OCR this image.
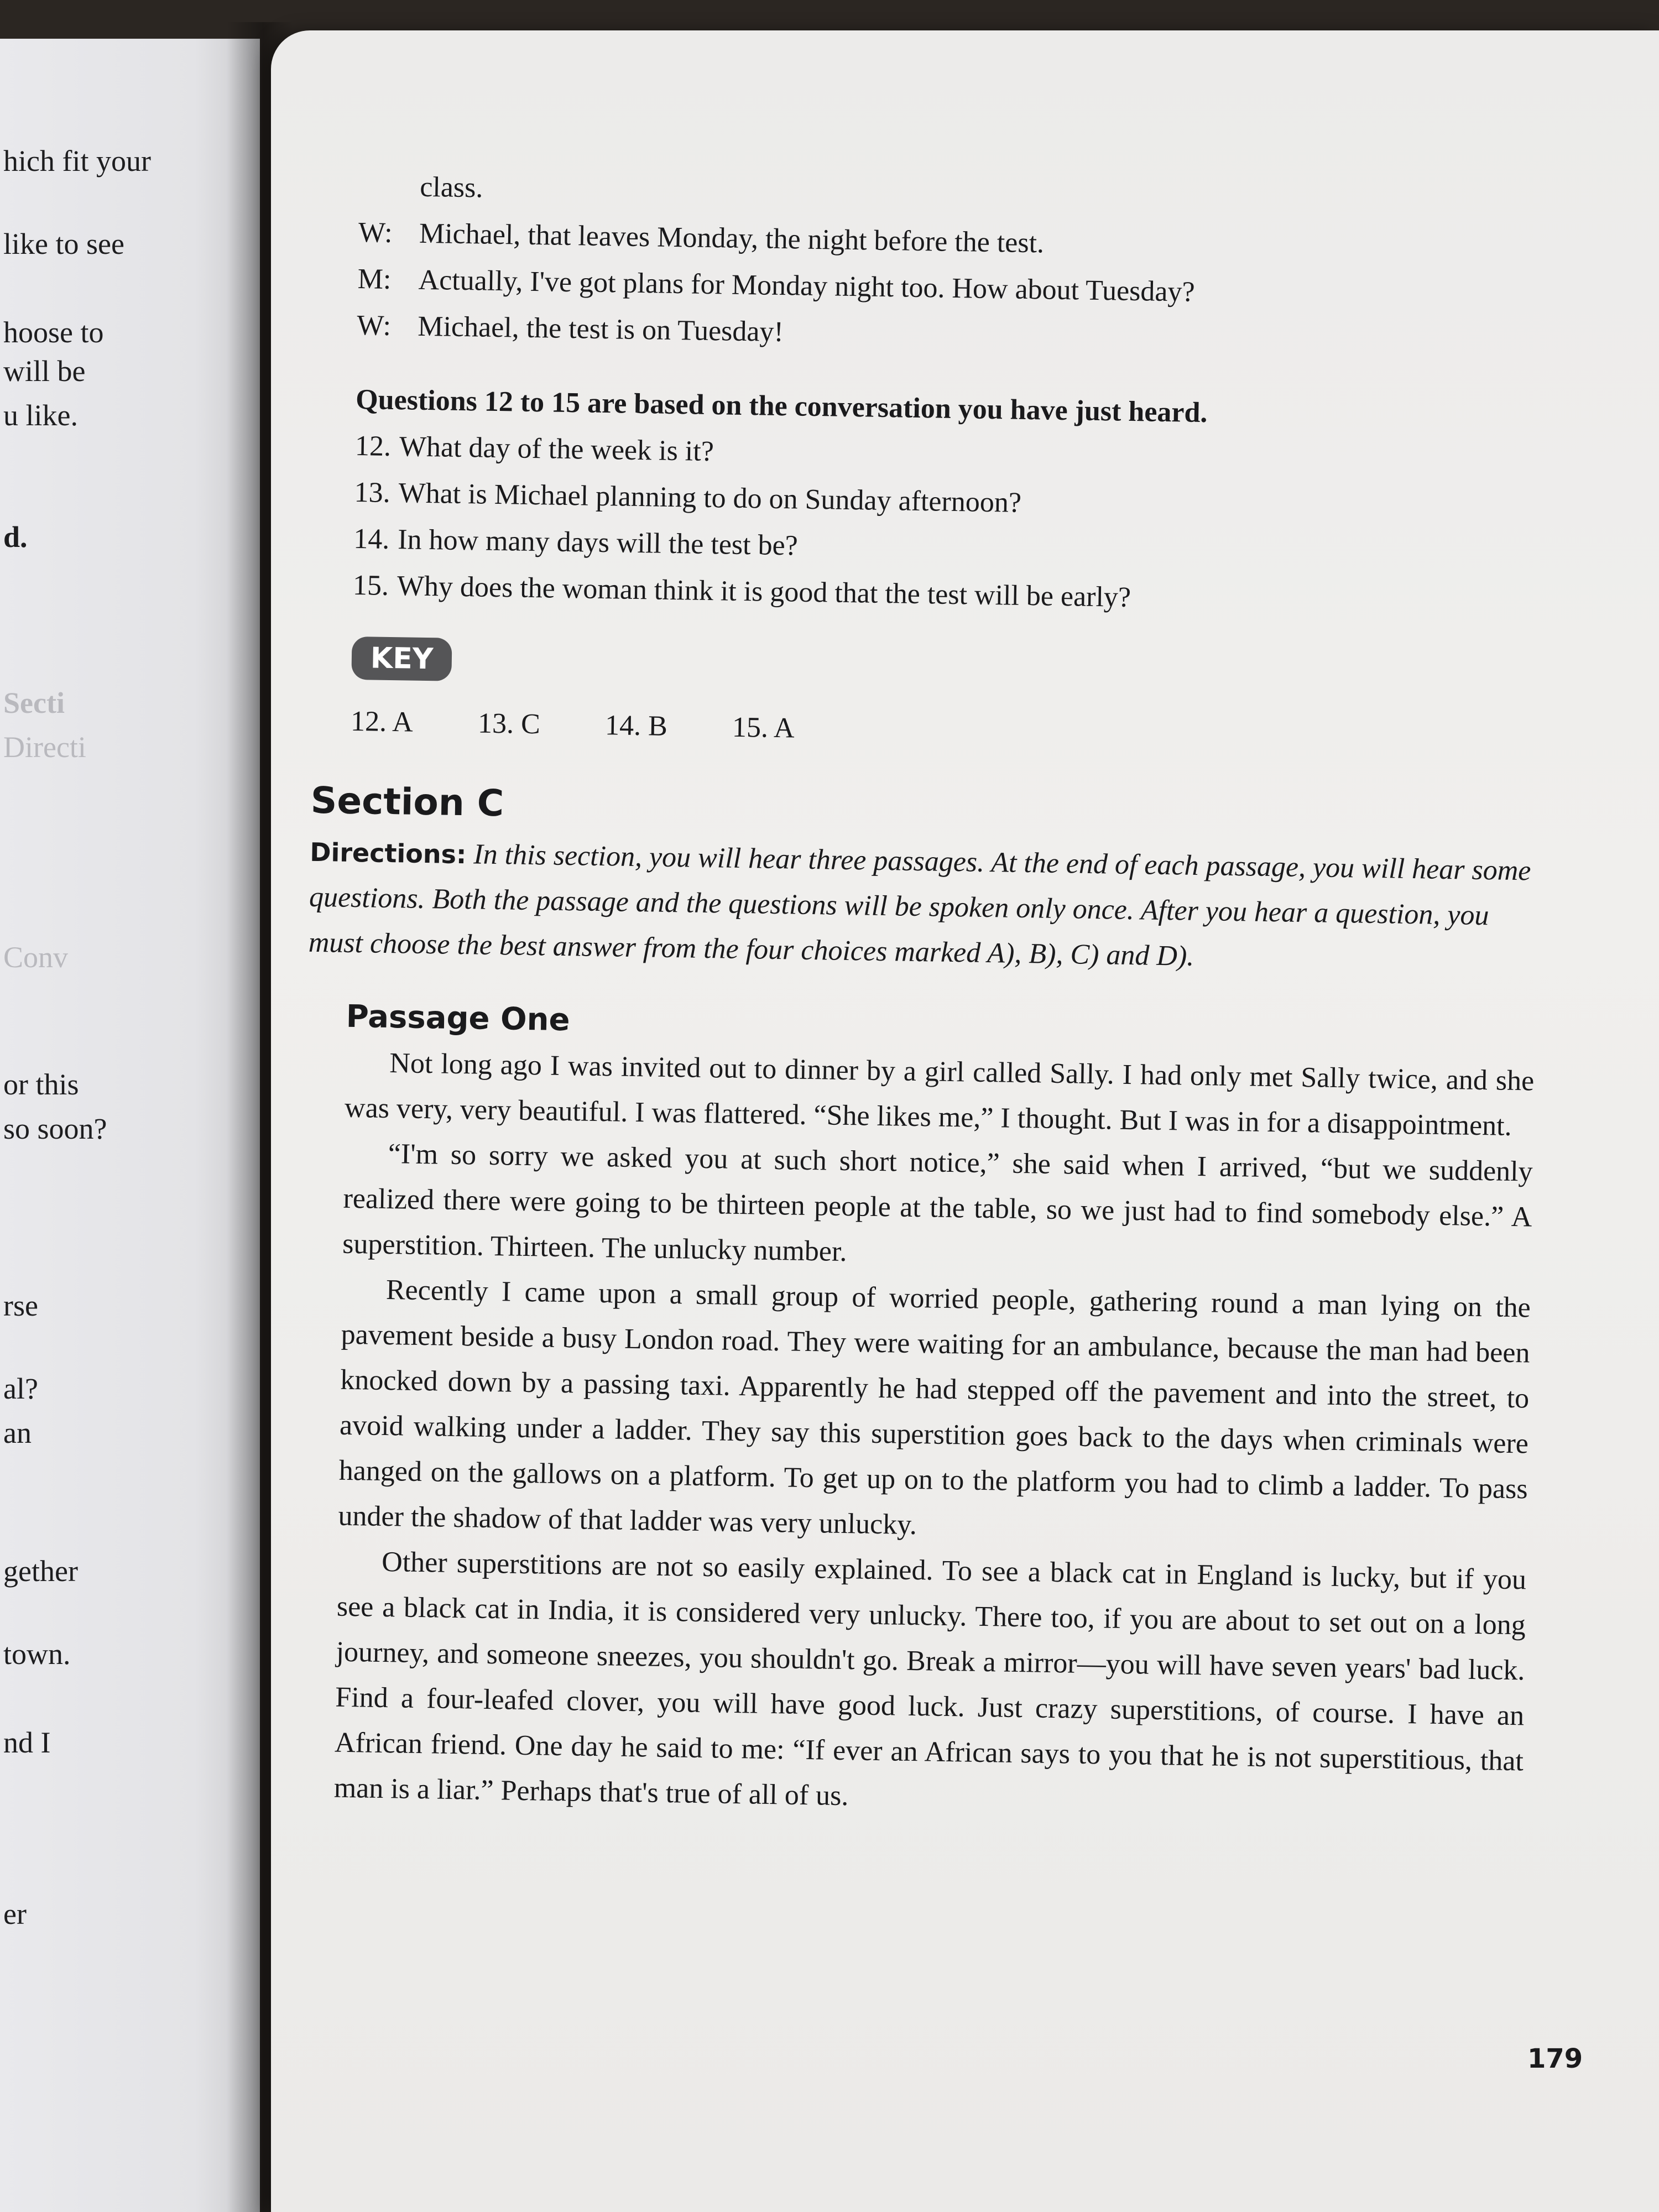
hich fit your
like to see
hoose to
will be
u like.
d.
Secti
Directi
Conv
or this
so soon?
rse
al?
an
gether
town.
nd I
er
class.
W: Michael, that leaves Monday, the night before the test.
M: Actually, I've got plans for Monday night too. How about Tuesday?
W: Michael, the test is on Tuesday!
Questions 12 to 15 are based on the conversation you have just heard.
12. What day of the week is it?
13. What is Michael planning to do on Sunday afternoon?
14. In how many days will the test be?
15. Why does the woman think it is good that the test will be early?
KEY
12. A	13. C	14. B	15. A
Section C
Directions: In this section, you will hear three passages. At the end of each passage, you will hear some questions. Both the passage and the questions will be spoken only once. After you hear a question, you must choose the best answer from the four choices marked A), B), C) and D).
Passage One

Not long ago I was invited out to dinner by a girl called Sally. I had only met Sally twice, and she was very, very beautiful. I was flattered. “She likes me,” I thought. But I was in for a disappointment.

“I'm so sorry we asked you at such short notice,” she said when I arrived, “but we suddenly realized there were going to be thirteen people at the table, so we just had to find somebody else.” A superstition. Thirteen. The unlucky number.

Recently I came upon a small group of worried people, gathering round a man lying on the pavement beside a busy London road. They were waiting for an ambulance, because the man had been knocked down by a passing taxi. Apparently he had stepped off the pavement and into the street, to avoid walking under a ladder. They say this superstition goes back to the days when criminals were hanged on the gallows on a platform. To get up on to the platform you had to climb a ladder. To pass under the shadow of that ladder was very unlucky.

Other superstitions are not so easily explained. To see a black cat in England is lucky, but if you see a black cat in India, it is considered very unlucky. There too, if you are about to set out on a long journey, and someone sneezes, you shouldn't go. Break a mirror—you will have seven years' bad luck. Find a four-leafed clover, you will have good luck. Just crazy superstitions, of course. I have an African friend. One day he said to me: “If ever an African says to you that he is not superstitious, that man is a liar.” Perhaps that's true of all of us.

179
